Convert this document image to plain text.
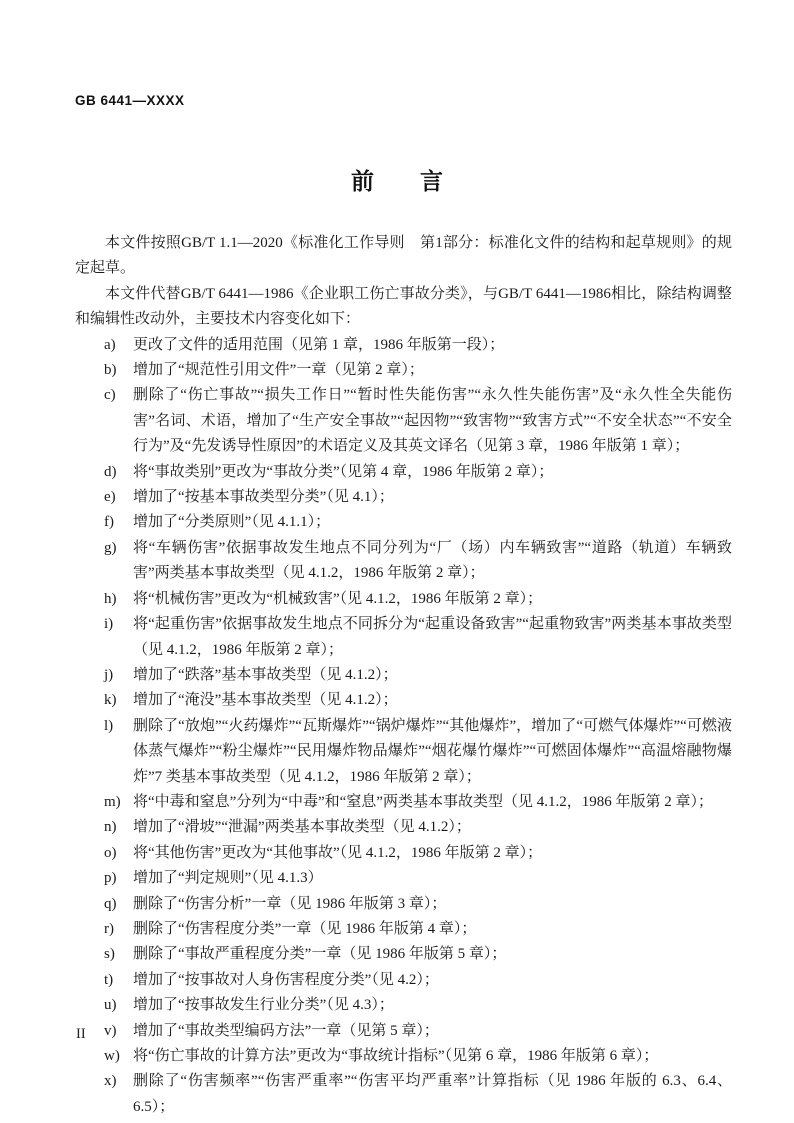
GB 6441—XXXX
前　　言

本文件按照GB/T 1.1—2020《标准化工作导则　第1部分：标准化文件的结构和起草规则》的规定起草。

本文件代替GB/T 6441—1986《企业职工伤亡事故分类》，与GB/T 6441—1986相比，除结构调整和编辑性改动外，主要技术内容变化如下：

a) 更改了文件的适用范围（见第 1 章，1986 年版第一段）；
b) 增加了“规范性引用文件”一章（见第 2 章）；
c) 删除了“伤亡事故”“损失工作日”“暂时性失能伤害”“永久性失能伤害”及“永久性全失能伤害”名词、术语，增加了“生产安全事故”“起因物”“致害物”“致害方式”“不安全状态”“不安全行为”及“先发诱导性原因”的术语定义及其英文译名（见第 3 章，1986 年版第 1 章）；
d) 将“事故类别”更改为“事故分类”（见第 4 章，1986 年版第 2 章）；
e) 增加了“按基本事故类型分类”（见 4.1）；
f) 增加了“分类原则”（见 4.1.1）；
g) 将“车辆伤害”依据事故发生地点不同分列为“厂（场）内车辆致害”“道路（轨道）车辆致害”两类基本事故类型（见 4.1.2，1986 年版第 2 章）；
h) 将“机械伤害”更改为“机械致害”（见 4.1.2，1986 年版第 2 章）；
i) 将“起重伤害”依据事故发生地点不同拆分为“起重设备致害”“起重物致害”两类基本事故类型（见 4.1.2，1986 年版第 2 章）；
j) 增加了“跌落”基本事故类型（见 4.1.2）；
k) 增加了“淹没”基本事故类型（见 4.1.2）；
l) 删除了“放炮”“火药爆炸”“瓦斯爆炸”“锅炉爆炸”“其他爆炸”，增加了“可燃气体爆炸”“可燃液体蒸气爆炸”“粉尘爆炸”“民用爆炸物品爆炸”“烟花爆竹爆炸”“可燃固体爆炸”“高温熔融物爆炸”7 类基本事故类型（见 4.1.2，1986 年版第 2 章）；
m) 将“中毒和窒息”分列为“中毒”和“窒息”两类基本事故类型（见 4.1.2，1986 年版第 2 章）；
n) 增加了“滑坡”“泄漏”两类基本事故类型（见 4.1.2）；
o) 将“其他伤害”更改为“其他事故”（见 4.1.2，1986 年版第 2 章）；
p) 增加了“判定规则”（见 4.1.3）
q) 删除了“伤害分析”一章（见 1986 年版第 3 章）；
r) 删除了“伤害程度分类”一章（见 1986 年版第 4 章）；
s) 删除了“事故严重程度分类”一章（见 1986 年版第 5 章）；
t) 增加了“按事故对人身伤害程度分类”（见 4.2）；
u) 增加了“按事故发生行业分类”（见 4.3）；
v) 增加了“事故类型编码方法”一章（见第 5 章）；
w) 将“伤亡事故的计算方法”更改为“事故统计指标”（见第 6 章，1986 年版第 6 章）；
x) 删除了“伤害频率”“伤害严重率”“伤害平均严重率”计算指标（见 1986 年版的 6.3、6.4、6.5）；
II
